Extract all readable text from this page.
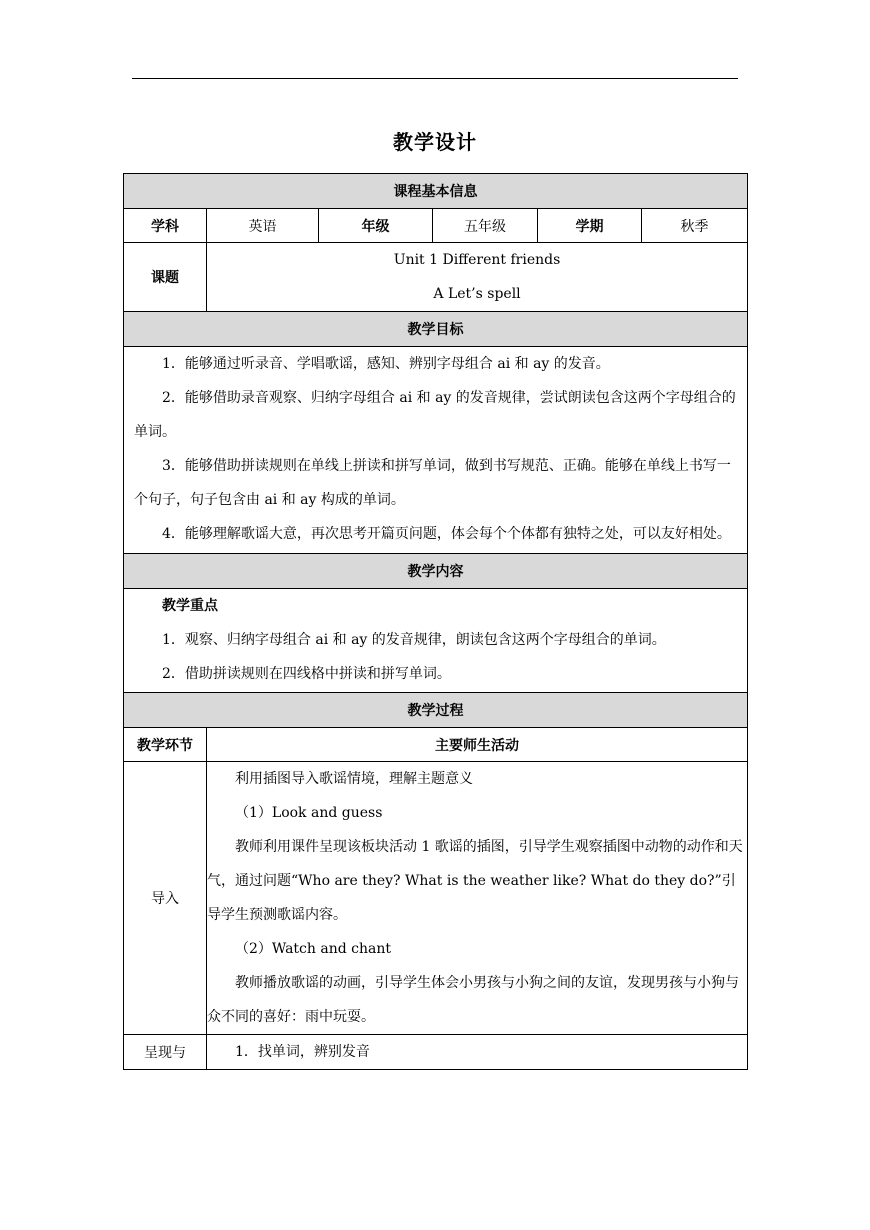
教学设计
课程基本信息					
学科	英语	年级	五年级	学期	秋季
课题	Unit 1 Different friends
A Let’s spell				

教学目标					

1．能够通过听录音、学唱歌谣，感知、辨别字母组合 ai 和 ay 的发音。

2．能够借助录音观察、归纳字母组合 ai 和 ay 的发音规律，尝试朗读包含这两个字母组合的单词。

3．能够借助拼读规则在单线上拼读和拼写单词，做到书写规范、正确。能够在单线上书写一个句子，句子包含由 ai 和 ay 构成的单词。

4．能够理解歌谣大意，再次思考开篇页问题，体会每个个体都有独特之处，可以友好相处。					

教学内容					

教学重点

1．观察、归纳字母组合 ai 和 ay 的发音规律，朗读包含这两个字母组合的单词。

2．借助拼读规则在四线格中拼读和拼写单词。					

教学过程					
教学环节	主要师生活动				
导入	利用插图导入歌谣情境，理解主题意义

（1）Look and guess

教师利用课件呈现该板块活动 1 歌谣的插图，引导学生观察插图中动物的动作和天气，通过问题“Who are they? What is the weather like? What do they do?”引导学生预测歌谣内容。

（2）Watch and chant

教师播放歌谣的动画，引导学生体会小男孩与小狗之间的友谊，发现男孩与小狗与众不同的喜好：雨中玩耍。				

呈现与	1．找单词，辨别发音				
